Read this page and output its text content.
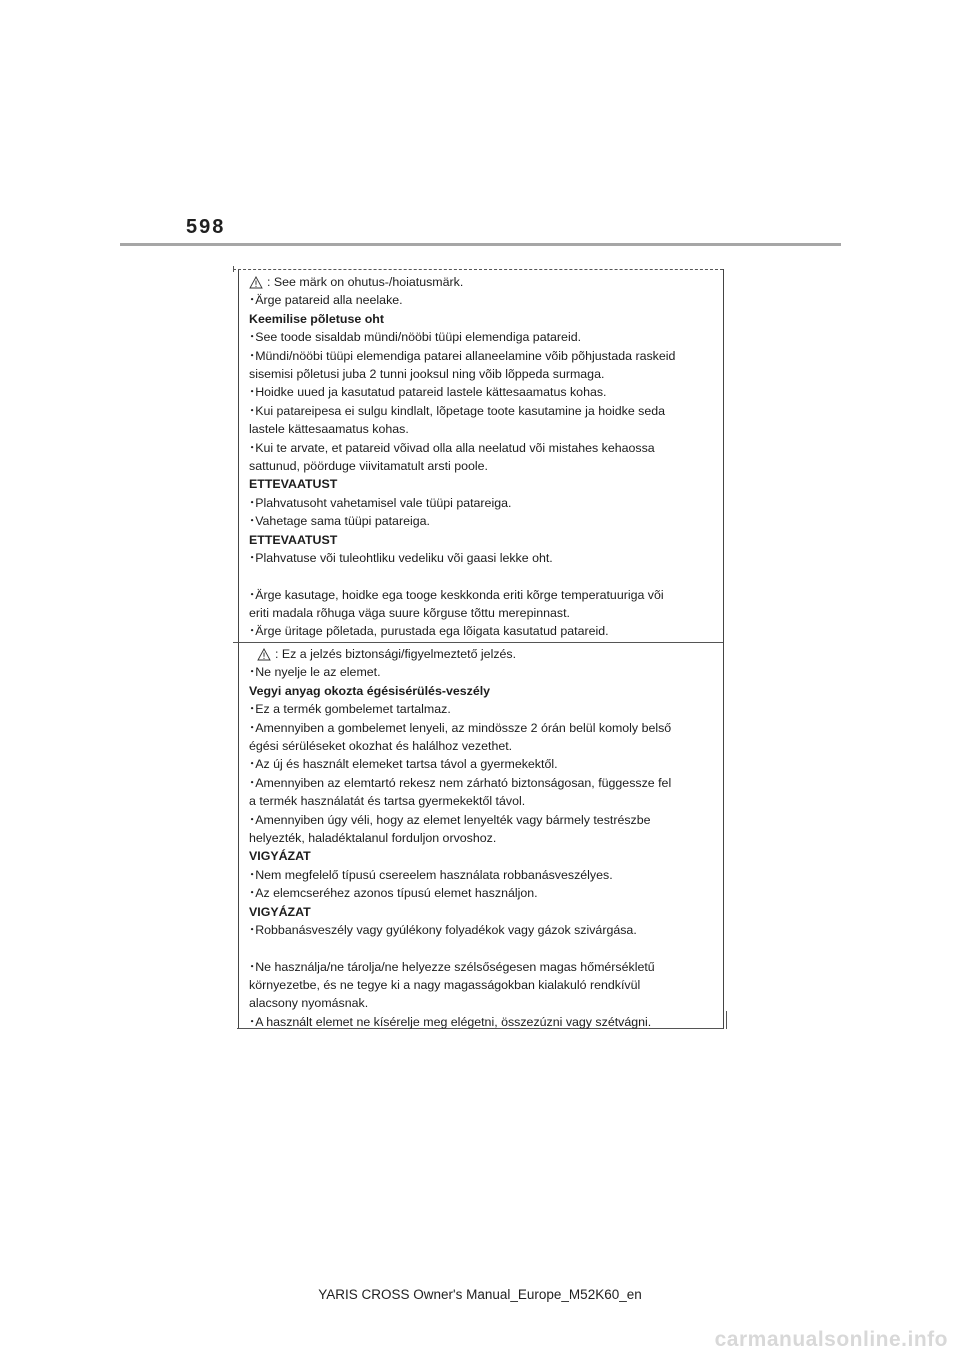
598
: See märk on ohutus-/hoiatusmärk.
･Ärge patareid alla neelake.
Keemilise põletuse oht
･See toode sisaldab mündi/nööbi tüüpi elemendiga patareid.
･Mündi/nööbi tüüpi elemendiga patarei allaneelamine võib põhjustada raskeid
sisemisi põletusi juba 2 tunni jooksul ning võib lõppeda surmaga.
･Hoidke uued ja kasutatud patareid lastele kättesaamatus kohas.
･Kui patareipesa ei sulgu kindlalt, lõpetage toote kasutamine ja hoidke seda
lastele kättesaamatus kohas.
･Kui te arvate, et patareid võivad olla alla neelatud või mistahes kehaossa
sattunud, pöörduge viivitamatult arsti poole.
ETTEVAATUST
･Plahvatusoht vahetamisel vale tüüpi patareiga.
･Vahetage sama tüüpi patareiga.
ETTEVAATUST
･Plahvatuse või tuleohtliku vedeliku või gaasi lekke oht.
･Ärge kasutage, hoidke ega tooge keskkonda eriti kõrge temperatuuriga või
eriti madala rõhuga väga suure kõrguse tõttu merepinnast.
･Ärge üritage põletada, purustada ega lõigata kasutatud patareid.
: Ez a jelzés biztonsági/figyelmeztető jelzés.
･Ne nyelje le az elemet.
Vegyi anyag okozta égésisérülés-veszély
･Ez a termék gombelemet tartalmaz.
･Amennyiben a gombelemet lenyeli, az mindössze 2 órán belül komoly belső
égési sérüléseket okozhat és halálhoz vezethet.
･Az új és használt elemeket tartsa távol a gyermekektől.
･Amennyiben az elemtartó rekesz nem zárható biztonságosan, függessze fel
a termék használatát és tartsa gyermekektől távol.
･Amennyiben úgy véli, hogy az elemet lenyelték vagy bármely testrészbe
helyezték, haladéktalanul forduljon orvoshoz.
VIGYÁZAT
･Nem megfelelő típusú csereelem használata robbanásveszélyes.
･Az elemcseréhez azonos típusú elemet használjon.
VIGYÁZAT
･Robbanásveszély vagy gyúlékony folyadékok vagy gázok szivárgása.
･Ne használja/ne tárolja/ne helyezze szélsőségesen magas hőmérsékletű
környezetbe, és ne tegye ki a nagy magasságokban kialakuló rendkívül
alacsony nyomásnak.
･A használt elemet ne kísérelje meg elégetni, összezúzni vagy szétvágni.
YARIS CROSS Owner's Manual_Europe_M52K60_en
carmanualsonline.info
